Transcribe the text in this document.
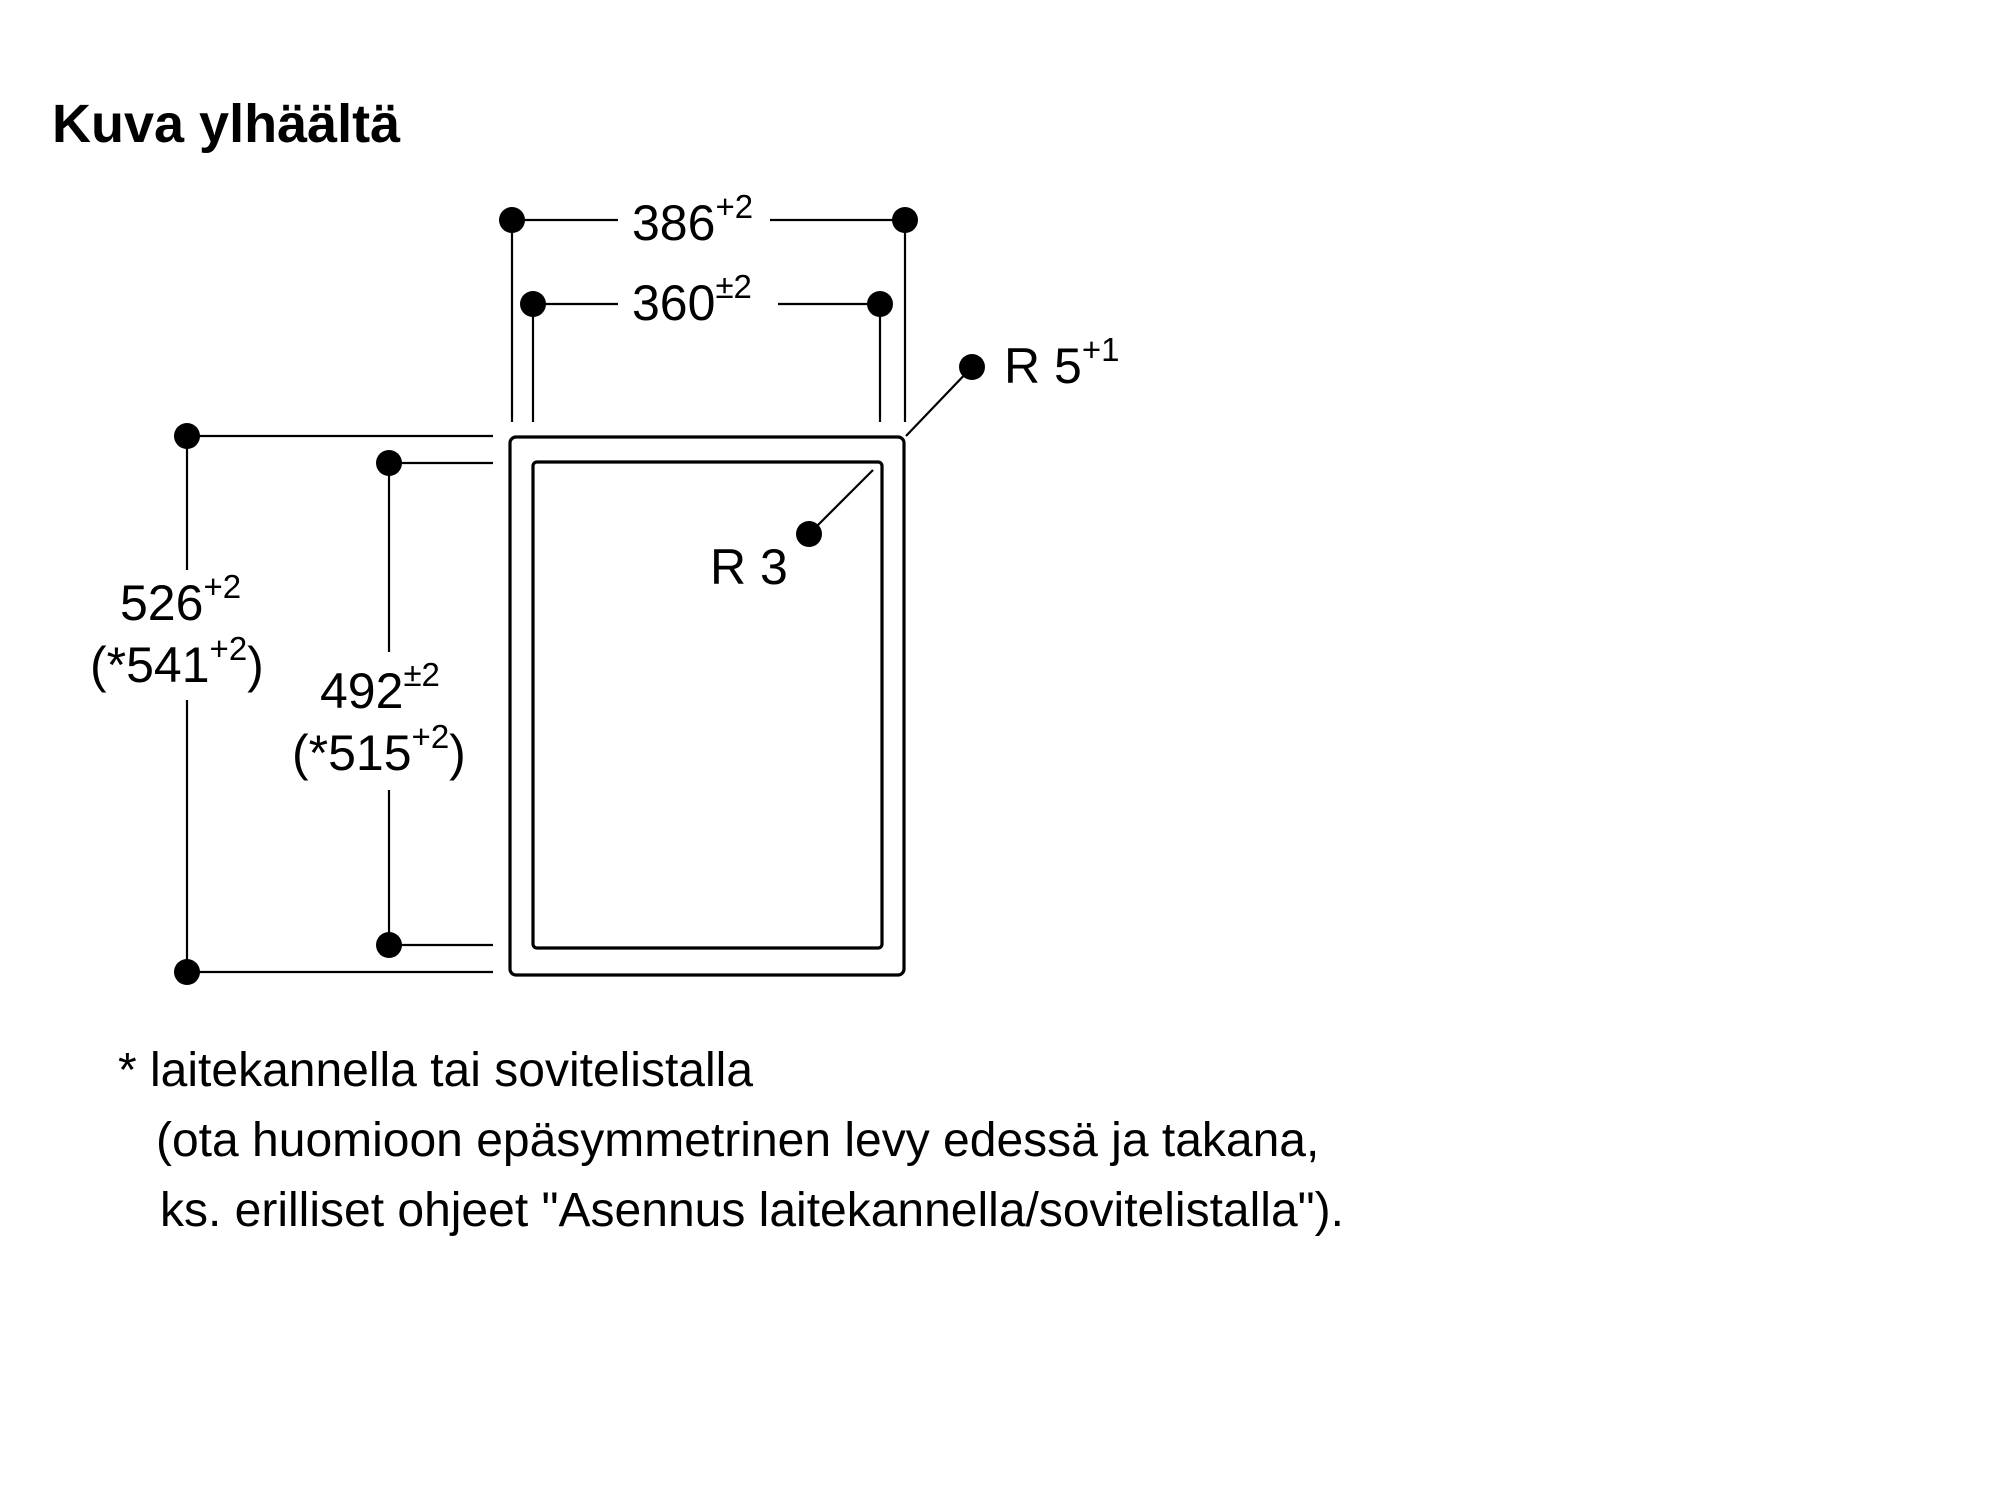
Kuva ylhäältä
$386^{+2}$
$360^{\pm 2}$
R $5^{+1}$
R 3
$526^{+2}$
$(*541^{+2})$ $492^{\pm 2}$
$(*515^{+2})$
* laitekannella tai sovitelistalla
(ota huomioon epäsymmetrinen levy edessä ja takana,
ks. erilliset ohjeet "Asennus laitekannella/sovitelistalla").
